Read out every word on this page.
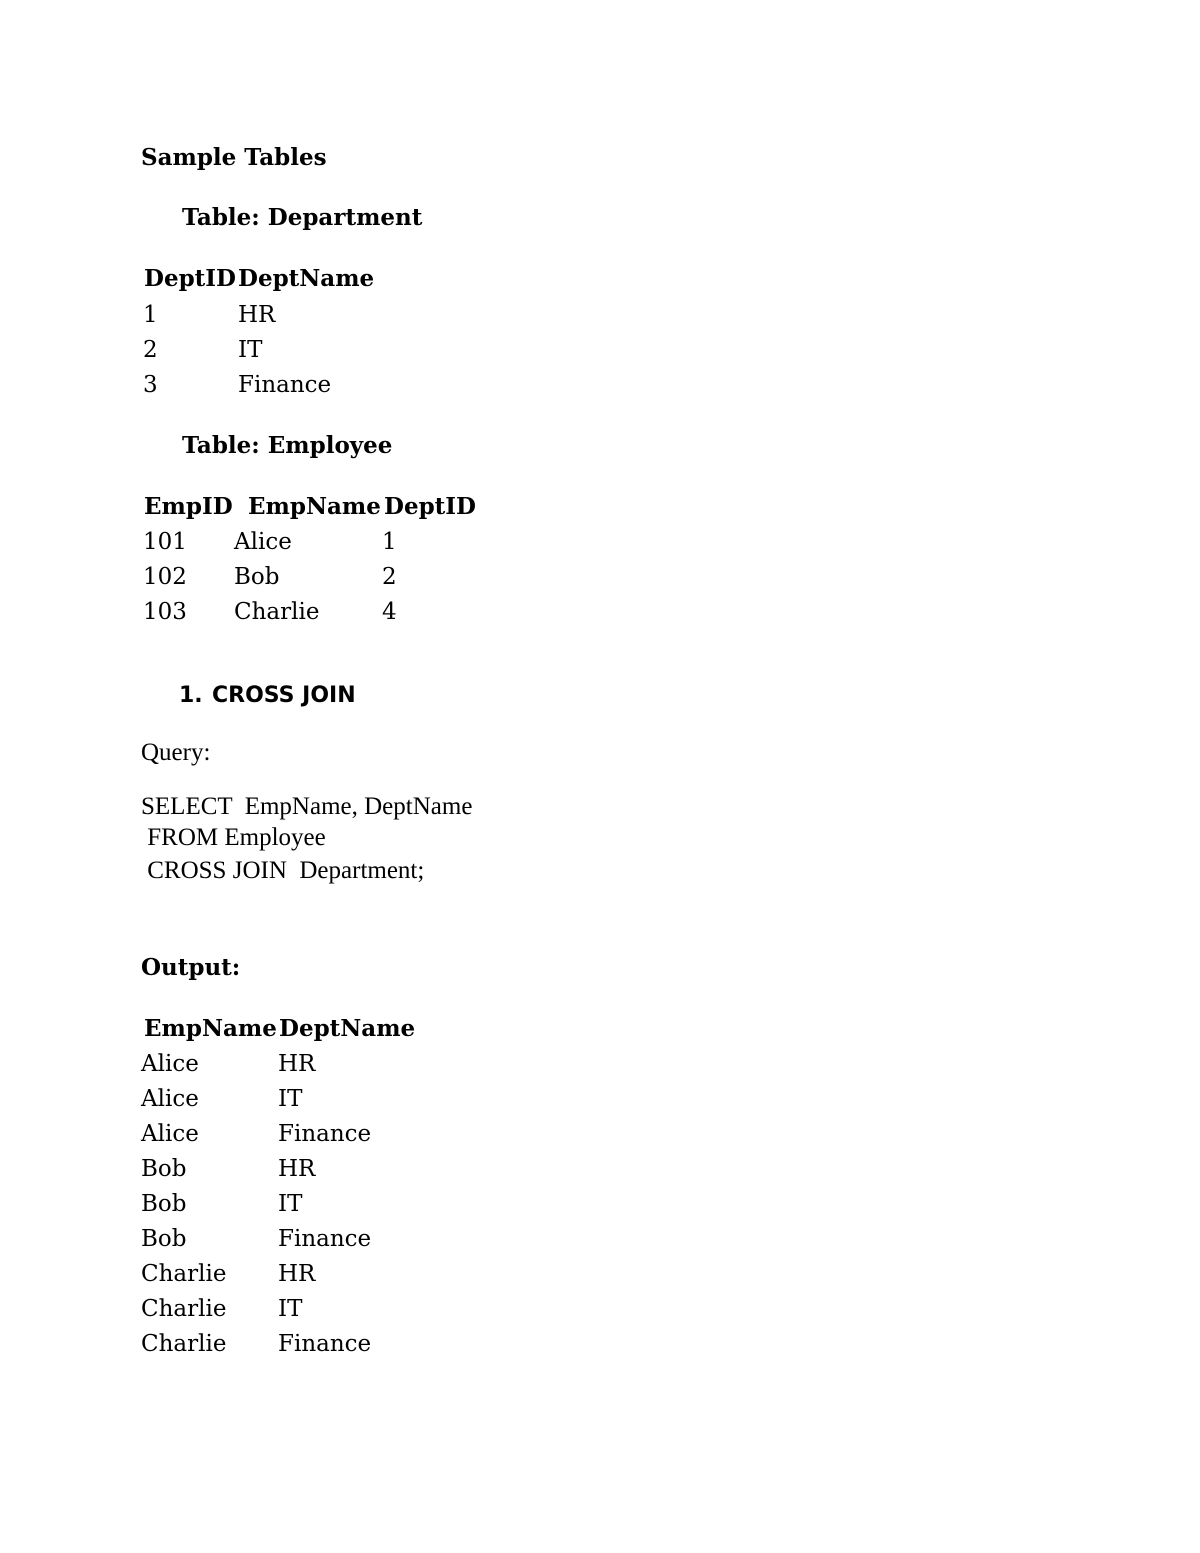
Sample Tables
Table: Department
DeptID DeptName
1	HR
2	IT
3	Finance
Table: Employee
EmpID EmpName DeptID
101 Alice	1
102 Bob	2
103 Charlie	4
1. CROSS JOIN
Query:
SELECT  EmpName, DeptName
FROM Employee
CROSS JOIN  Department;
Output:
EmpName DeptName
Alice	HR
Alice	IT
Alice	Finance
Bob	HR
Bob	IT
Bob	Finance
Charlie HR
Charlie IT
Charlie Finance
